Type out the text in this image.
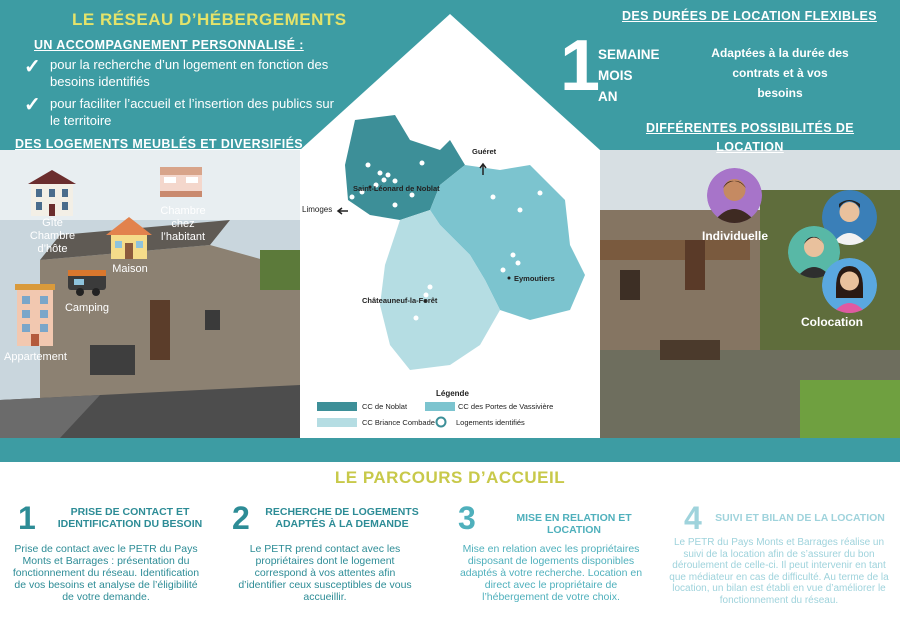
LE RÉSEAU D’HÉBERGEMENTS
UN ACCOMPAGNEMENT PERSONNALISÉ :
✓ pour la recherche d’un logement en fonction des besoins identifiés
✓ pour faciliter l’accueil et l’insertion des publics sur le territoire
DES LOGEMENTS MEUBLÉS ET DIVERSIFIÉS
Gîte Chambre d’hôte
Chambre chez l’habitant
Maison
Camping
Appartement
DES DURÉES DE LOCATION FLEXIBLES
1
SEMAINE
MOIS
AN
Adaptées à la durée des contrats et à vos besoins
DIFFÉRENTES POSSIBILITÉS DE LOCATION
Individuelle
Colocation
Guéret
Limoges
Saint-Léonard de Noblat
Eymoutiers
Châteauneuf-la-Forêt
Légende
CC de Noblat	CC des Portes de Vassivière
CC Briance Combade	Logements identifiés
LE PARCOURS D’ACCUEIL
1	PRISE DE CONTACT ET IDENTIFICATION DU BESOIN
Prise de contact avec le PETR du Pays Monts et Barrages : présentation du fonctionnement du réseau. Identification de vos besoins et analyse de l’éligibilité de votre demande.
2	RECHERCHE DE LOGEMENTS ADAPTÉS À LA DEMANDE
Le PETR prend contact avec les propriétaires dont le logement correspond à vos attentes afin d’identifier ceux susceptibles de vous accueillir.
3	MISE EN RELATION ET LOCATION
Mise en relation avec les propriétaires disposant de logements disponibles adaptés à votre recherche. Location en direct avec le propriétaire de l’hébergement de votre choix.
4 SUIVI ET BILAN DE LA LOCATION
Le PETR du Pays Monts et Barrages réalise un suivi de la location afin de s’assurer du bon déroulement de celle-ci. Il peut intervenir en tant que médiateur en cas de difficulté. Au terme de la location, un bilan est établi en vue d’améliorer le fonctionnement du réseau.
